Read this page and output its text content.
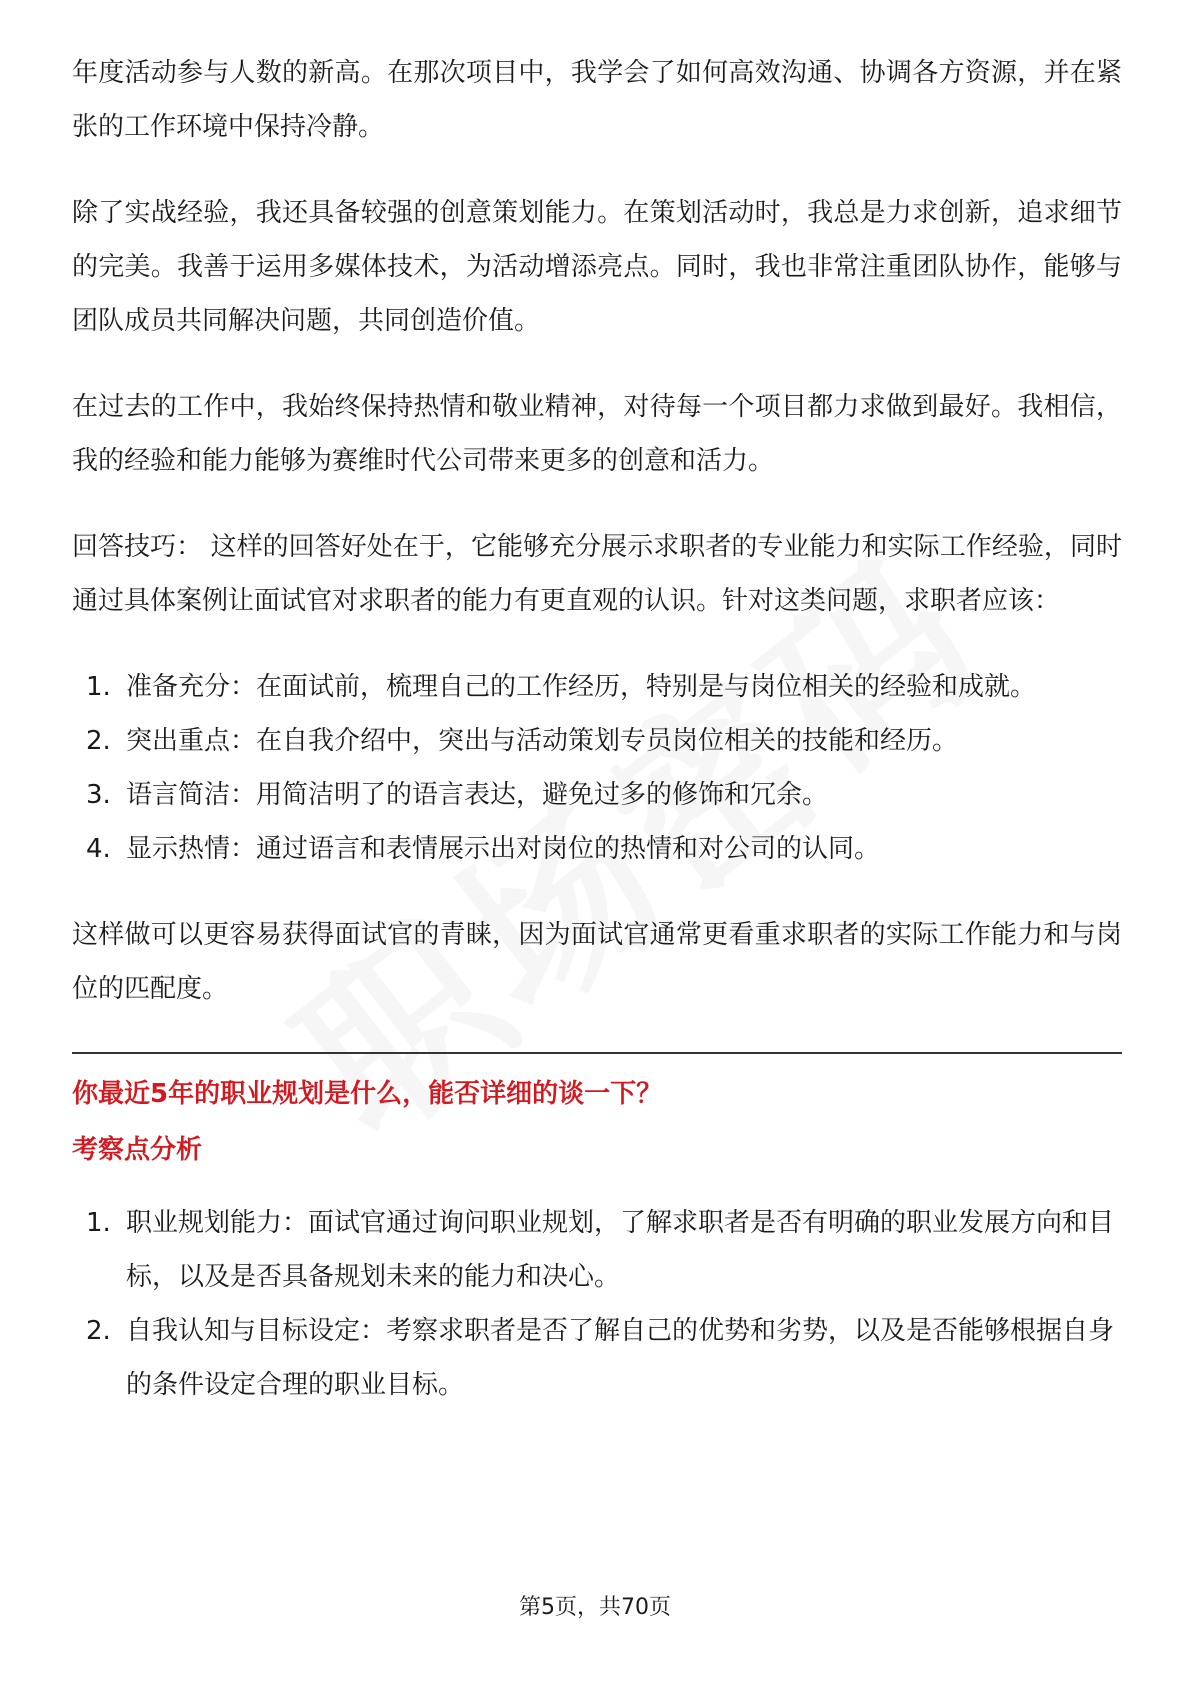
年度活动参与人数的新高。在那次项目中，我学会了如何高效沟通、协调各方资源，并在紧张的工作环境中保持冷静。

除了实战经验，我还具备较强的创意策划能力。在策划活动时，我总是力求创新，追求细节的完美。我善于运用多媒体技术，为活动增添亮点。同时，我也非常注重团队协作，能够与团队成员共同解决问题，共同创造价值。

在过去的工作中，我始终保持热情和敬业精神，对待每一个项目都力求做到最好。我相信，我的经验和能力能够为赛维时代公司带来更多的创意和活力。

回答技巧： 这样的回答好处在于，它能够充分展示求职者的专业能力和实际工作经验，同时通过具体案例让面试官对求职者的能力有更直观的认识。针对这类问题，求职者应该：

1. 准备充分：在面试前，梳理自己的工作经历，特别是与岗位相关的经验和成就。
2. 突出重点：在自我介绍中，突出与活动策划专员岗位相关的技能和经历。
3. 语言简洁：用简洁明了的语言表达，避免过多的修饰和冗余。
4. 显示热情：通过语言和表情展示出对岗位的热情和对公司的认同。

这样做可以更容易获得面试官的青睐，因为面试官通常更看重求职者的实际工作能力和与岗位的匹配度。

你最近5年的职业规划是什么，能否详细的谈一下？

考察点分析

1. 职业规划能力：面试官通过询问职业规划，了解求职者是否有明确的职业发展方向和目标，以及是否具备规划未来的能力和决心。
2. 自我认知与目标设定：考察求职者是否了解自己的优势和劣势，以及是否能够根据自身的条件设定合理的职业目标。
第5页，共70页
